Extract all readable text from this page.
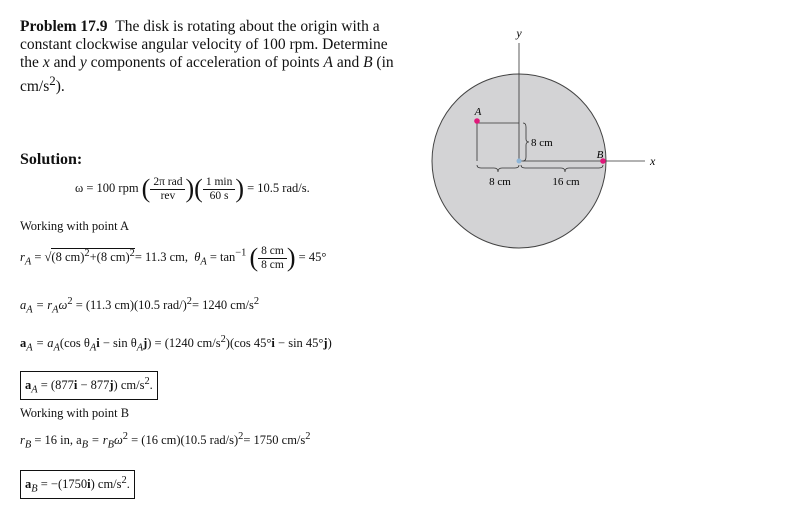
Problem 17.9 The disk is rotating about the origin with a constant clockwise angular velocity of 100 rpm. Determine the x and y components of acceleration of points A and B (in $cm/s^2$).
Solution:
ω = 100 rpm ( $\frac{\text{2π rad}}{\text{rev}}$ )( $\frac{1 \min}{60 s}$ ) = 10.5 rad/s.
Working with point A
$r_A = √(8$ cm)$^2$+(8 cm)$^2$= 11.3 cm, $\theta_A = \tan^{-1}$ ( $\frac{8 cm}{8 cm}$ ) = 45°
$a_A = r_A\omega^2 = (11.3$ cm)(10.5 rad/)$^2$= 1240 $cm/s^2$
$a_A = a_A(\cos$ $\theta_Ai - \sin \theta_Aj) = (1240$ $cm/s^2)(\cos$ 45°i − sin 45°j)
$a_A = (877i - 877j)$ $cm/s^2$.
Working with point B
$r_B = 16$ in, $a_B = r_B\omega^2 = (16$ cm)(10.5 rad/s)$^2$= 1750 $cm/s^2$
$a_B = -(1750i)$ $cm/s^2$.
y
x
8 cm
8 cm	16 cm
A
B
